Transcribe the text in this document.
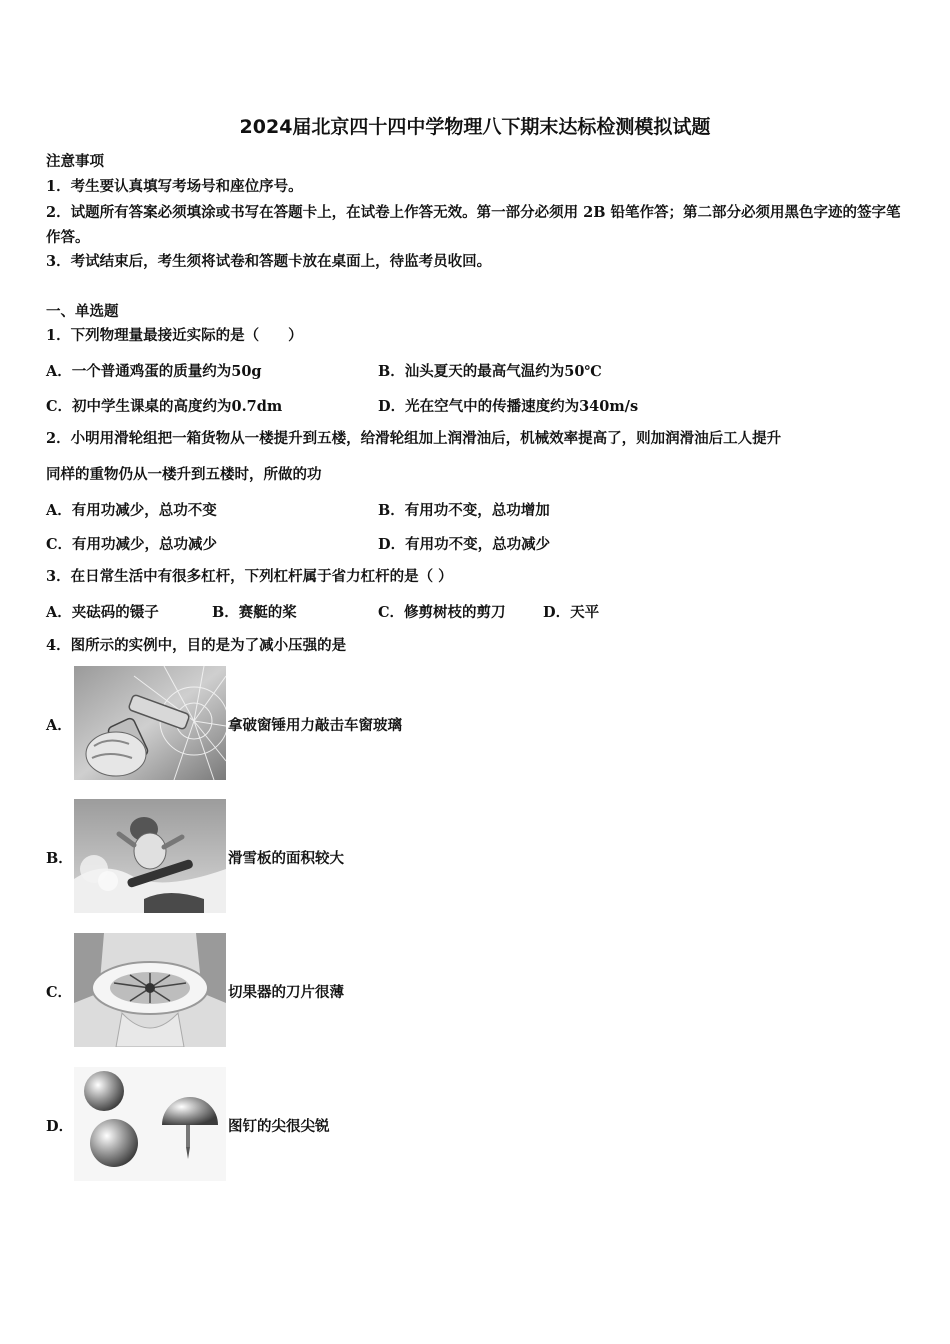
2024届北京四十四中学物理八下期末达标检测模拟试题
注意事项
1．考生要认真填写考场号和座位序号。
2．试题所有答案必须填涂或书写在答题卡上，在试卷上作答无效。第一部分必须用 2B 铅笔作答；第二部分必须用黑色字迹的签字笔作答。
3．考试结束后，考生须将试卷和答题卡放在桌面上，待监考员收回。
一、单选题
1．下列物理量最接近实际的是（　　）
A．一个普通鸡蛋的质量约为50g	B．汕头夏天的最高气温约为50℃
C．初中学生课桌的高度约为0.7dm	D．光在空气中的传播速度约为340m/s
2．小明用滑轮组把一箱货物从一楼提升到五楼，给滑轮组加上润滑油后，机械效率提高了，则加润滑油后工人提升
同样的重物仍从一楼升到五楼时，所做的功
A．有用功减少，总功不变	B．有用功不变，总功增加
C．有用功减少，总功减少	D．有用功不变，总功减少
3．在日常生活中有很多杠杆，下列杠杆属于省力杠杆的是（ ）
A．夹砝码的镊子	B．赛艇的桨	C．修剪树枝的剪刀	D．天平
4．图所示的实例中，目的是为了减小压强的是
A．	拿破窗锤用力敲击车窗玻璃
B．	滑雪板的面积较大
C．	切果器的刀片很薄
D．	图钉的尖很尖锐
